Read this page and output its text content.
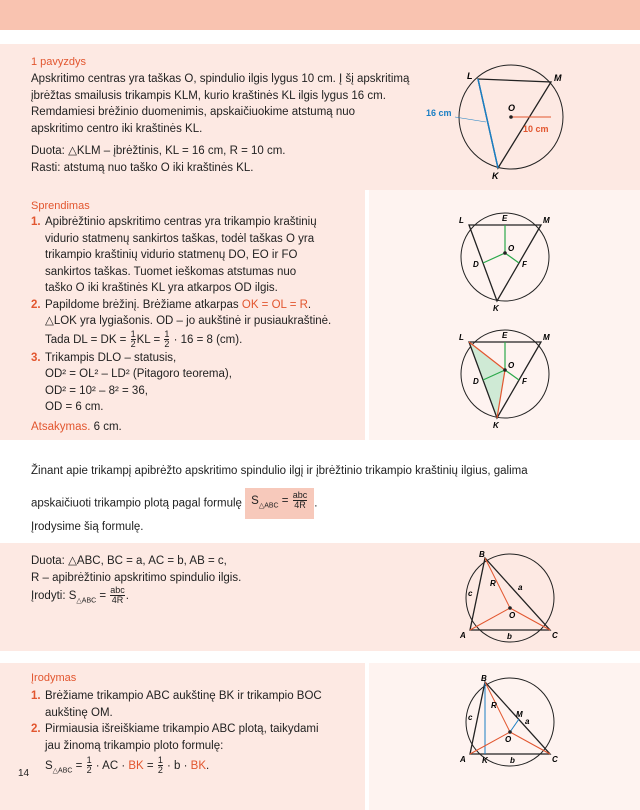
1 pavyzdys

Apskritimo centras yra taškas O, spindulio ilgis lygus 10 cm. Į šį apskritimą

įbrėžtas smailusis trikampis KLM, kurio kraštinės KL ilgis lygus 16 cm.

Remdamiesi brėžinio duomenimis, apskaičiuokime atstumą nuo

apskritimo centro iki kraštinės KL.

Duota: △KLM – įbrėžtinis, KL = 16 cm, R = 10 cm.

Rasti: atstumą nuo taško O iki kraštinės KL.

L	M
K
O
16 cm
10 cm
Sprendimas

1. Apibrėžtinio apskritimo centras yra trikampio kraštinių

vidurio statmenų sankirtos taškas, todėl taškas O yra

trikampio kraštinių vidurio statmenų DO, EO ir FO

sankirtos taškas. Tuomet ieškomas atstumas nuo

taško O iki kraštinės KL yra atkarpos OD ilgis.

2. Papildome brėžinį. Brėžiame atkarpas OK = OL = R.

△LOK yra lygiašonis. OD – jo aukštinė ir pusiaukraštinė.

Tada DL = DK = $\frac{1}{2}$ KL = $\frac{1}{2} \cdot 16 = 8$ (cm).

3. Trikampis DLO – statusis,

OD² = OL² – LD² (Pitagoro teorema),

OD² = 10² – 8² = 36,

OD = 6 cm.

Atsakymas. 6 cm.

L	M
K
E
D	F
O
L	M
K
E
D	F
O

Žinant apie trikampį apibrėžto apskritimo spindulio ilgį ir įbrėžtinio trikampio kraštinių ilgius, galima

apskaičiuoti trikampio plotą pagal formulę $S_{\triangle ABC} = \frac{\text{abc}}{4R}$ .

Įrodysime šią formulę.

Duota: △ABC, BC = a, AC = b, AB = c,

R – apibrėžtinio apskritimo spindulio ilgis.

Įrodyti: $S_{\triangle ABC} = \frac{\text{abc}}{4R}$ .

B
A	C
a
b
c
R
O
Įrodymas

1. Brėžiame trikampio ABC aukštinę BK ir trikampio BOC

aukštinę OM.

2. Pirmiausia išreiškiame trikampio ABC plotą, taikydami

jau žinomą trikampio ploto formulę:

$S_{\triangle ABC} = \frac{1}{2}$ · AC · BK = $\frac{1}{2} \cdot b$ · BK.

14
B
A	C
K
M
O
a
b
c
R
